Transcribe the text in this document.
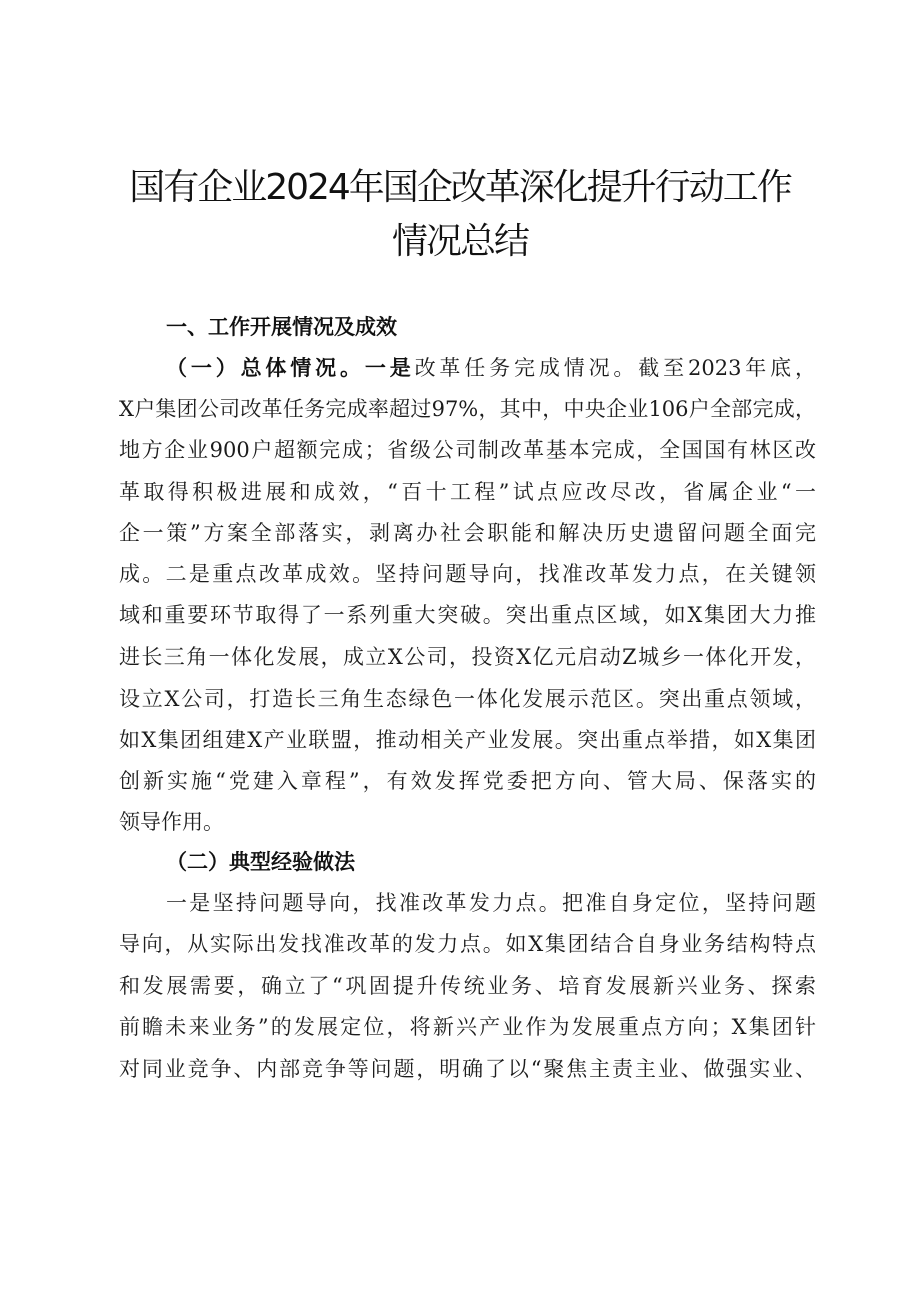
国有企业2024年国企改革深化提升行动工作
情况总结
一、工作开展情况及成效
（一）总体情况。一是改革任务完成情况。截至2023年底，
X户集团公司改革任务完成率超过97%，其中，中央企业106户全部完成，
地方企业900户超额完成；省级公司制改革基本完成，全国国有林区改
革取得积极进展和成效，“百十工程”试点应改尽改，省属企业“一
企一策”方案全部落实，剥离办社会职能和解决历史遗留问题全面完
成。二是重点改革成效。坚持问题导向，找准改革发力点，在关键领
域和重要环节取得了一系列重大突破。突出重点区域，如X集团大力推
进长三角一体化发展，成立X公司，投资X亿元启动Z城乡一体化开发，
设立X公司，打造长三角生态绿色一体化发展示范区。突出重点领域，
如X集团组建X产业联盟，推动相关产业发展。突出重点举措，如X集团
创新实施“党建入章程”，有效发挥党委把方向、管大局、保落实的
领导作用。
（二）典型经验做法
一是坚持问题导向，找准改革发力点。把准自身定位，坚持问题
导向，从实际出发找准改革的发力点。如X集团结合自身业务结构特点
和发展需要，确立了“巩固提升传统业务、培育发展新兴业务、探索
前瞻未来业务”的发展定位，将新兴产业作为发展重点方向；X集团针
对同业竞争、内部竞争等问题，明确了以“聚焦主责主业、做强实业、
